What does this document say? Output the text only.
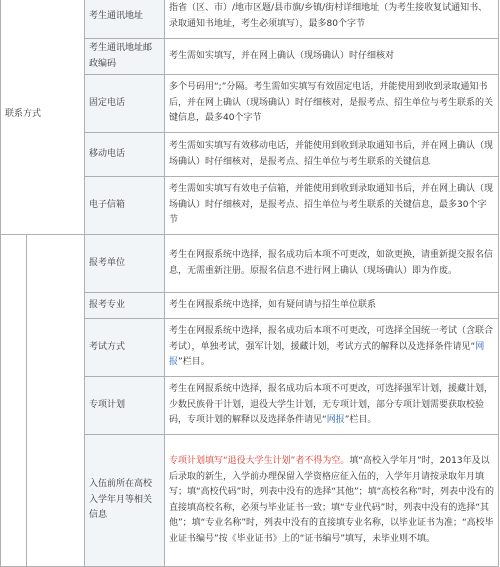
联系方式		考生通讯地址	指省（区、市）/地市区题/县市旗/乡镇/街村详细地址（为考生接收复试通知书、录取通知书地址，考生必须填写），最多80个字节
		考生通讯地址邮政编码	考生需如实填写，并在网上确认（现场确认）时仔细核对
		固定电话	多个号码用“;”分隔。考生需如实填写有效固定电话，并能使用到收到录取通知书后，并在网上确认（现场确认）时仔细核对，是报考点、招生单位与考生联系的关键信息，最多40个字节
		移动电话	考生需如实填写有效移动电话，并能使用到收到录取通知书后，并在网上确认（现场确认）时仔细核对，是报考点、招生单位与考生联系的关键信息
		电子信箱	考生需如实填写有效电子信箱，并能使用到收到录取通知书后，并在网上确认（现场确认）时仔细核对，是报考点、招生单位与考生联系的关键信息，最多30个字节
		报考单位	考生在网报系统中选择，报名成功后本项不可更改，如欲更换，请重新提交报名信息，无需重新注册。原报名信息不进行网上确认（现场确认）即为作废。
		报考专业	考生在网报系统中选择，如有疑问请与招生单位联系
		考试方式	考生在网报系统中选择，报名成功后本项不可更改，可选择全国统一考试（含联合考试），单独考试，强军计划，援藏计划，考试方式的解释以及选择条件请见“网报”栏目。
		专项计划	考生在网报系统中选择，报名成功后本项不可更改，可选择强军计划，援藏计划，少数民族骨干计划，退役大学生计划，无专项计划，部分专项计划需要获取校验码，专项计划的解释以及选择条件请见“网报”栏目。
		入伍前所在高校入学年月等相关信息	专项计划填写“退役大学生计划”者不得为空。填“高校入学年月”时，2013年及以后录取的新生，入学前办理保留入学资格应征入伍的，入学年月请按录取年月填写；填“高校代码”时，列表中没有的选择“其他”；填“高校名称”时，列表中没有的直接填高校名称，必须与毕业证书一致；填“专业代码”时，列表中没有的选择“其他”；填“专业名称”时，列表中没有的直接填专业名称，以毕业证书为准；“高校毕业证书编号”按《毕业证书》上的“证书编号”填写，未毕业则不填。
